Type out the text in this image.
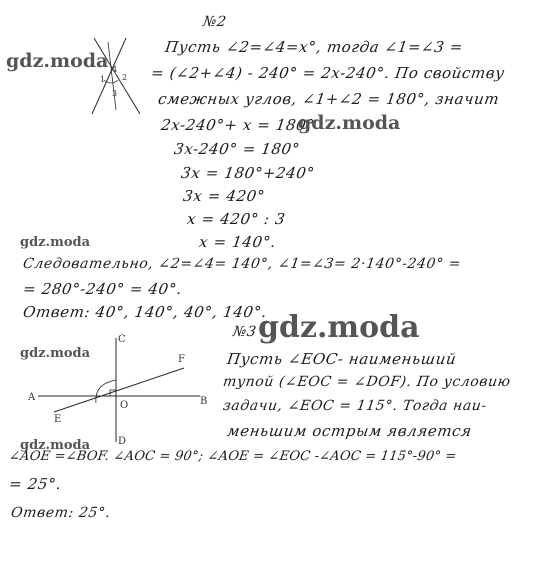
1 2
3
4
№2
Пусть ∠2=∠4=x°, тогда ∠1=∠3 =
= (∠2+∠4) - 240° = 2x-240°. По свойству
смежных углов, ∠1+∠2 = 180°, значит
2x-240°+ x = 180°
3x-240° = 180°
3x = 180°+240°
3x = 420°
x = 420° : 3
x = 140°.
Следовательно, ∠2=∠4= 140°, ∠1=∠3= 2·140°-240° =
= 280°-240° = 40°.
Ответ: 40°, 140°, 40°, 140°.
№3
A	B
C
D
E
F
O
Пусть ∠EOC- наименьший
тупой (∠EOC = ∠DOF). По условию
задачи, ∠EOC = 115°. Тогда наи-
меньшим острым является
∠AOE =∠BOF. ∠AOC = 90°; ∠AOE = ∠EOC -∠AOC = 115°-90° =
= 25°.
Ответ: 25°.
gdz.moda
gdz.moda
gdz.moda
gdz.moda
gdz.moda
gdz.moda
